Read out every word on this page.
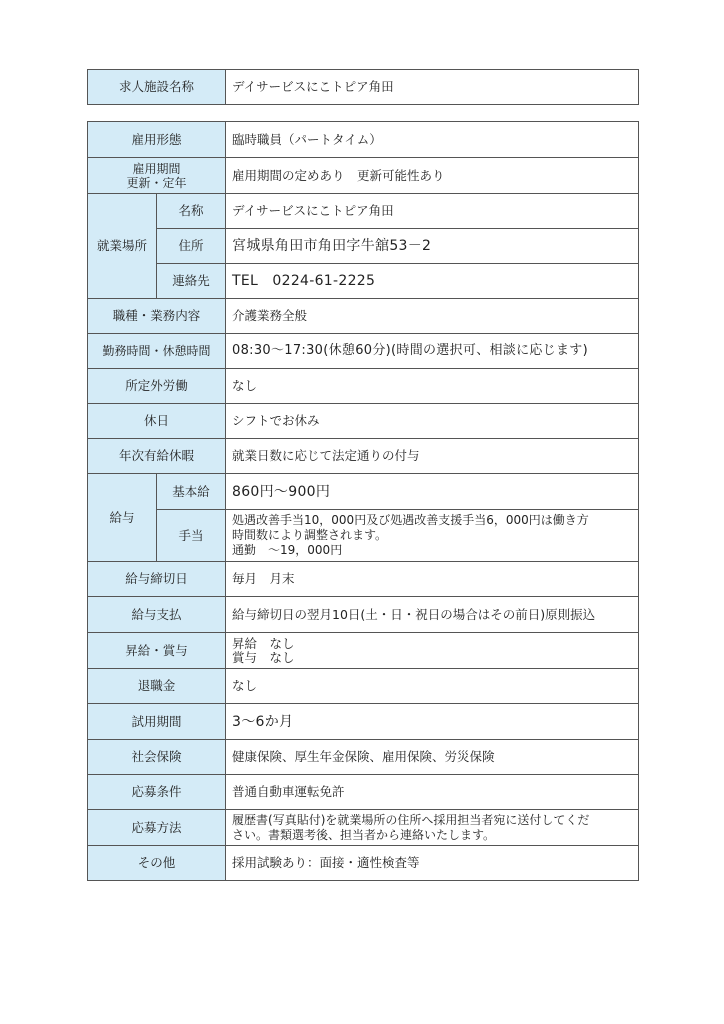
求人施設名称	デイサービスにこトピア角田
雇用形態		臨時職員（パートタイム）

雇用期間
更新・定年		雇用期間の定めあり　更新可能性あり
就業場所	名称	デイサービスにこトピア角田
	住所	宮城県角田市角田字牛舘53－2
	連絡先	TEL　0224-61-2225
職種・業務内容		介護業務全般
勤務時間・休憩時間		08:30～17:30(休憩60分)(時間の選択可、相談に応じます)
所定外労働		なし
休日		シフトでお休み
年次有給休暇		就業日数に応じて法定通りの付与
給与	基本給	860円～900円
	手当	処遇改善手当10，000円及び処遇改善支援手当6，000円は働き方
時間数により調整されます。
通勤　～19，000円

給与締切日		毎月　月末
給与支払		給与締切日の翌月10日(土・日・祝日の場合はその前日)原則振込
昇給・賞与		昇給　なし
賞与　なし

退職金		なし
試用期間		3～6か月
社会保険		健康保険、厚生年金保険、雇用保険、労災保険
応募条件		普通自動車運転免許
応募方法		履歴書(写真貼付)を就業場所の住所へ採用担当者宛に送付してくだ
さい。書類選考後、担当者から連絡いたします。

その他		採用試験あり：面接・適性検査等
